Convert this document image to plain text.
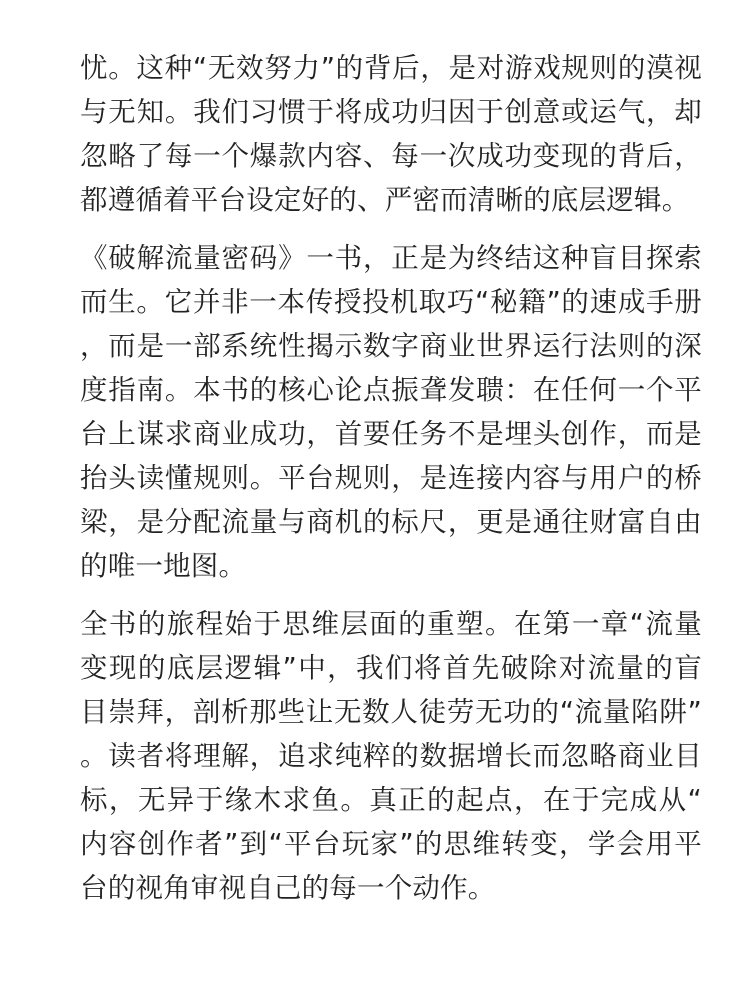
忧。这种“无效努力”的背后，是对游戏规则的漠视与无知。我们习惯于将成功归因于创意或运气，却忽略了每一个爆款内容、每一次成功变现的背后，都遵循着平台设定好的、严密而清晰的底层逻辑。

《破解流量密码》一书，正是为终结这种盲目探索而生。它并非一本传授投机取巧“秘籍”的速成手册，而是一部系统性揭示数字商业世界运行法则的深度指南。本书的核心论点振聋发聩：在任何一个平台上谋求商业成功，首要任务不是埋头创作，而是抬头读懂规则。平台规则，是连接内容与用户的桥梁，是分配流量与商机的标尺，更是通往财富自由的唯一地图。

全书的旅程始于思维层面的重塑。在第一章“流量变现的底层逻辑”中，我们将首先破除对流量的盲目崇拜，剖析那些让无数人徒劳无功的“流量陷阱”。读者将理解，追求纯粹的数据增长而忽略商业目标，无异于缘木求鱼。真正的起点，在于完成从“内容创作者”到“平台玩家”的思维转变，学会用平台的视角审视自己的每一个动作。
